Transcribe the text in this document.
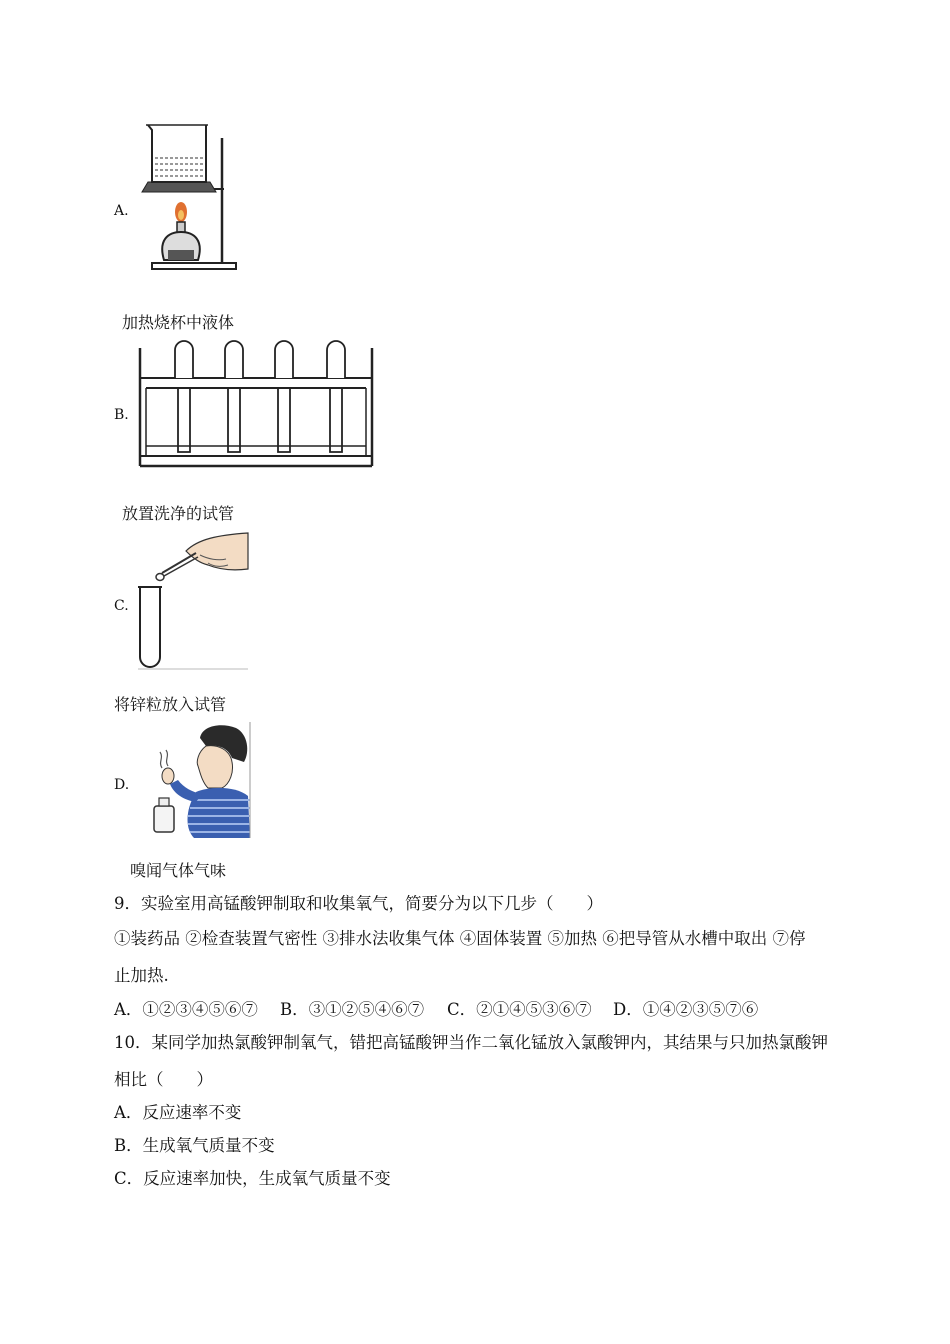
A.
加热烧杯中液体
B.
放置洗净的试管
C.
将锌粒放入试管
D.
嗅闻气体气味
9．实验室用高锰酸钾制取和收集氧气，简要分为以下几步（　　）
①装药品 ②检查装置气密性 ③排水法收集气体 ④固体装置 ⑤加热 ⑥把导管从水槽中取出 ⑦停
止加热.
A．①②③④⑤⑥⑦ B．③①②⑤④⑥⑦ C．②①④⑤③⑥⑦ D．①④②③⑤⑦⑥
10．某同学加热氯酸钾制氧气，错把高锰酸钾当作二氧化锰放入氯酸钾内，其结果与只加热氯酸钾
相比（　　）
A．反应速率不变
B．生成氧气质量不变
C．反应速率加快，生成氧气质量不变
